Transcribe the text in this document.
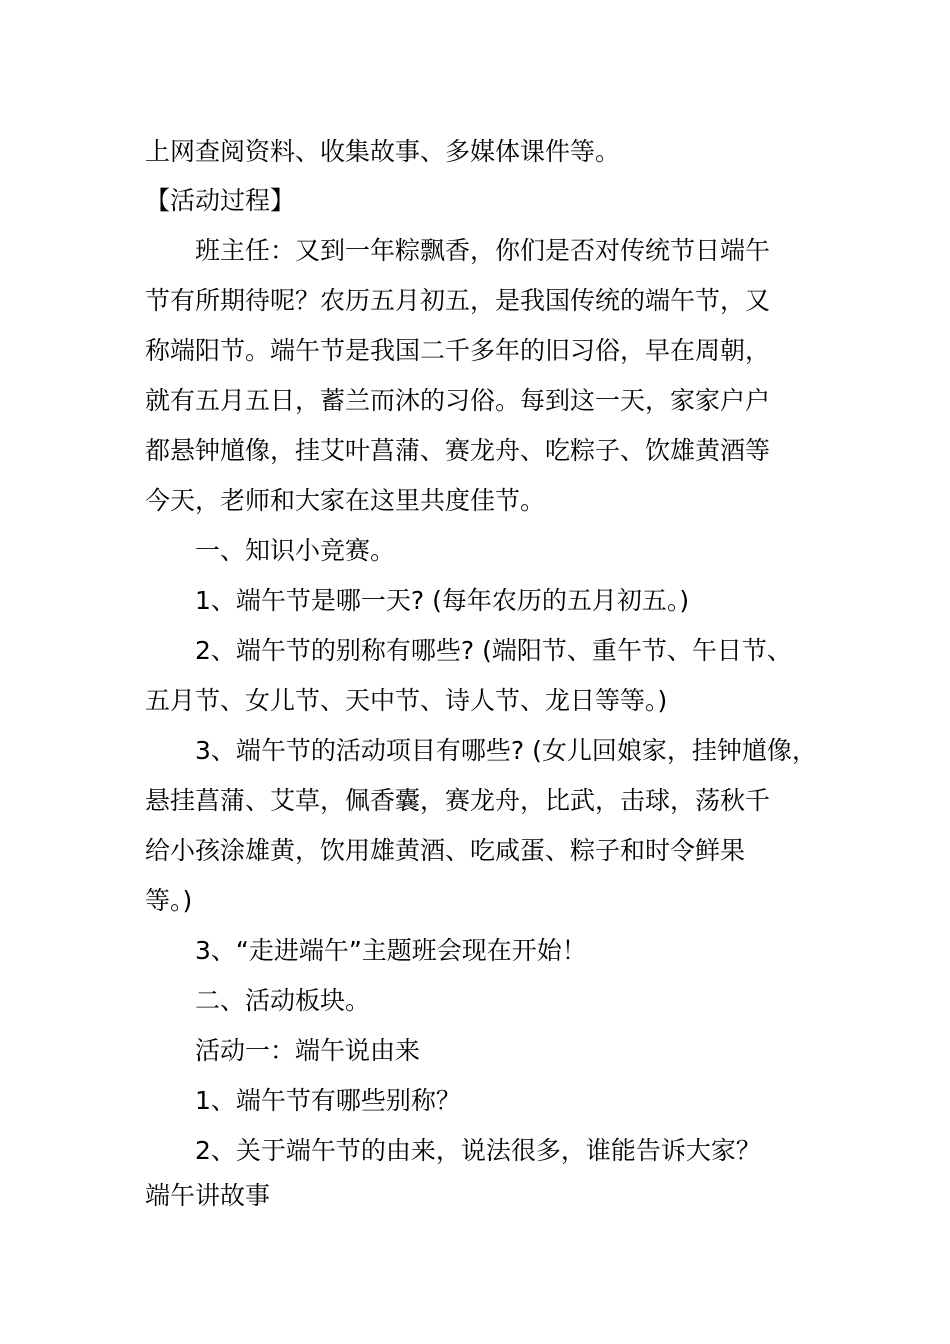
上网查阅资料、收集故事、多媒体课件等。
【活动过程】
班主任：又到一年粽飘香，你们是否对传统节日端午
节有所期待呢？农历五月初五，是我国传统的端午节，又
称端阳节。端午节是我国二千多年的旧习俗，早在周朝，
就有五月五日，蓄兰而沐的习俗。每到这一天，家家户户
都悬钟馗像，挂艾叶菖蒲、赛龙舟、吃粽子、饮雄黄酒等
今天，老师和大家在这里共度佳节。
一、知识小竞赛。
1、端午节是哪一天? (每年农历的五月初五。)
2、端午节的别称有哪些? (端阳节、重午节、午日节、
五月节、女儿节、天中节、诗人节、龙日等等。)
3、端午节的活动项目有哪些? (女儿回娘家，挂钟馗像，
悬挂菖蒲、艾草，佩香囊，赛龙舟，比武，击球，荡秋千
给小孩涂雄黄，饮用雄黄酒、吃咸蛋、粽子和时令鲜果
等。)
3、“走进端午”主题班会现在开始！
二、活动板块。
活动一：端午说由来
1、端午节有哪些别称？
2、关于端午节的由来，说法很多，谁能告诉大家？
端午讲故事
